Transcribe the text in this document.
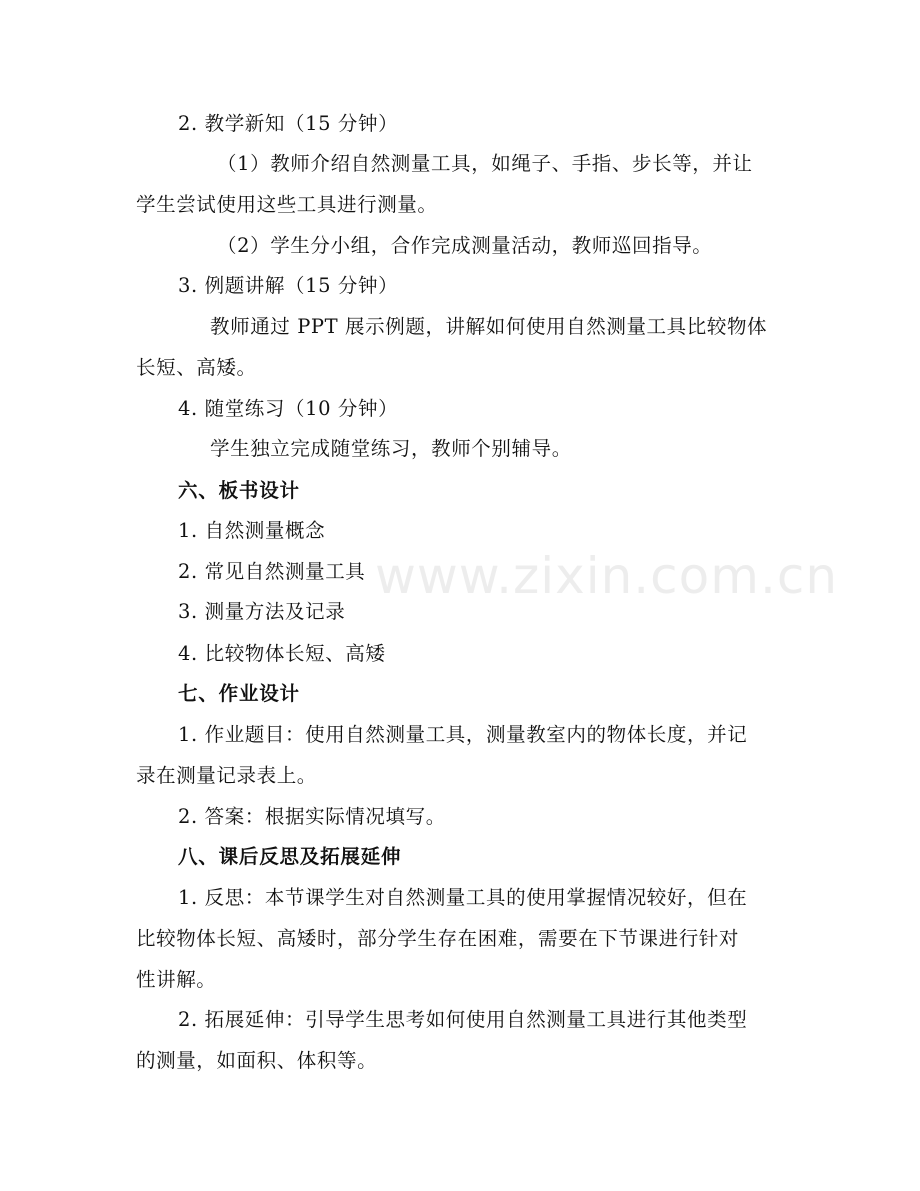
www.zixin.com.cn
2. 教学新知（15 分钟）
（1）教师介绍自然测量工具，如绳子、手指、步长等，并让
学生尝试使用这些工具进行测量。
（2）学生分小组，合作完成测量活动，教师巡回指导。
3. 例题讲解（15 分钟）
教师通过 PPT 展示例题，讲解如何使用自然测量工具比较物体
长短、高矮。
4. 随堂练习（10 分钟）
学生独立完成随堂练习，教师个别辅导。
六、板书设计
1. 自然测量概念
2. 常见自然测量工具
3. 测量方法及记录
4. 比较物体长短、高矮
七、作业设计
1. 作业题目：使用自然测量工具，测量教室内的物体长度，并记
录在测量记录表上。
2. 答案：根据实际情况填写。
八、课后反思及拓展延伸
1. 反思：本节课学生对自然测量工具的使用掌握情况较好，但在
比较物体长短、高矮时，部分学生存在困难，需要在下节课进行针对
性讲解。
2. 拓展延伸：引导学生思考如何使用自然测量工具进行其他类型
的测量，如面积、体积等。
